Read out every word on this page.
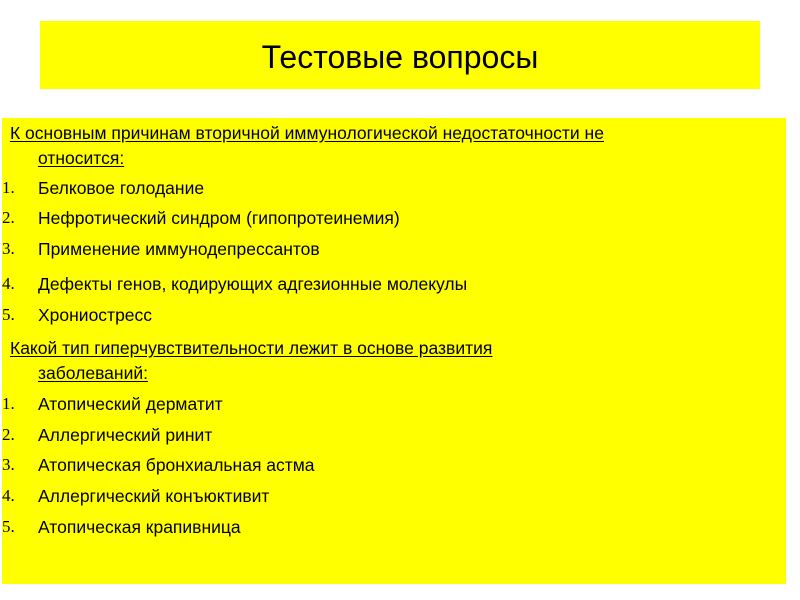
Тестовые вопросы
К основным причинам вторичной иммунологической недостаточности не
относится:
1. Белковое голодание
2. Нефротический синдром (гипопротеинемия)
3. Применение иммунодепрессантов
4. Дефекты генов, кодирующих адгезионные молекулы
5. Хрониостресс
Какой тип гиперчувствительности лежит в основе развития
заболеваний:
1. Атопический дерматит
2. Аллергический ринит
3. Атопическая бронхиальная астма
4. Аллергический конъюктивит
5. Атопическая крапивница
